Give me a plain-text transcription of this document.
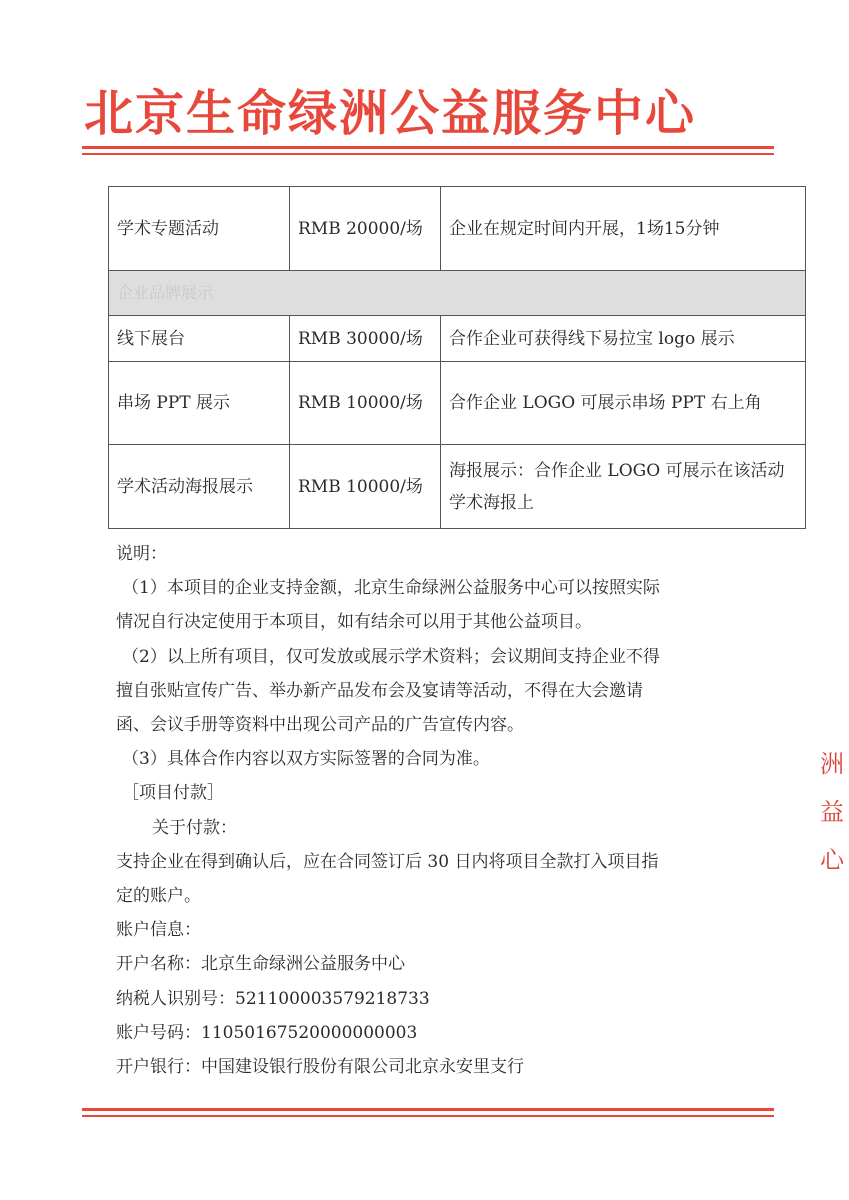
北京生命绿洲公益服务中心
学术专题活动	RMB 20000/场	企业在规定时间内开展，1场15分钟
企业品牌展示		
线下展台	RMB 30000/场	合作企业可获得线下易拉宝 logo 展示
串场 PPT 展示	RMB 10000/场	合作企业 LOGO 可展示串场 PPT 右上角
学术活动海报展示	RMB 10000/场	海报展示：合作企业 LOGO 可展示在该活动学术海报上

说明：

（1）本项目的企业支持金额，北京生命绿洲公益服务中心可以按照实际

情况自行决定使用于本项目，如有结余可以用于其他公益项目。

（2）以上所有项目，仅可发放或展示学术资料；会议期间支持企业不得

擅自张贴宣传广告、举办新产品发布会及宴请等活动，不得在大会邀请

函、会议手册等资料中出现公司产品的广告宣传内容。

（3）具体合作内容以双方实际签署的合同为准。

［项目付款］

关于付款：

支持企业在得到确认后，应在合同签订后 30 日内将项目全款打入项目指

定的账户。

账户信息：

开户名称：北京生命绿洲公益服务中心

纳税人识别号：521100003579218733

账户号码：11050167520000000003

开户银行：中国建设银行股份有限公司北京永安里支行

洲 益 心
